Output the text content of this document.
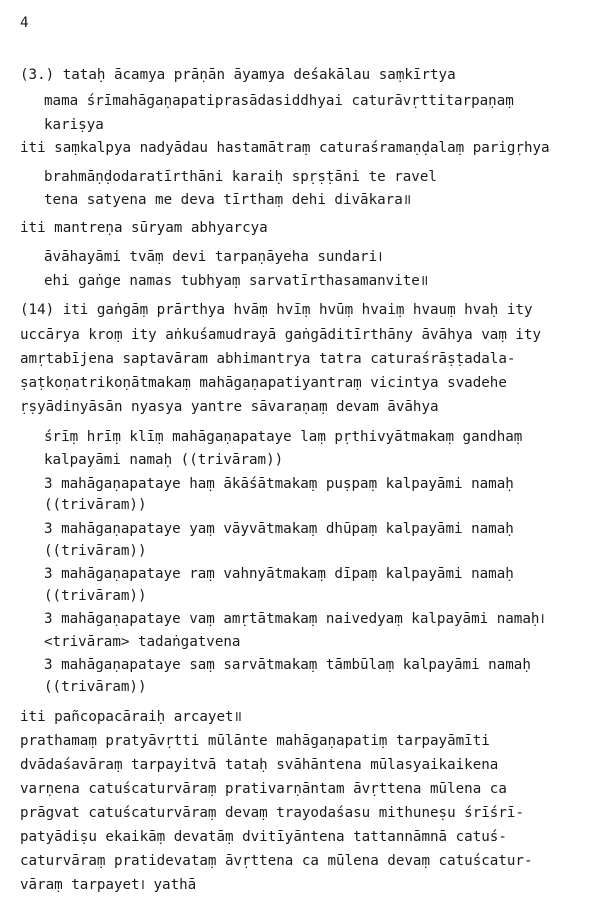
4
(3.) tataḥ ācamya prāṇān āyamya deśakālau saṃkīrtya
mama śrīmahāgaṇapatiprasādasiddhyai caturāvṛttitarpaṇaṃ
kariṣya
iti saṃkalpya nadyādau hastamātraṃ caturaśramaṇḍalaṃ parigṛhya
brahmāṇḍodaratīrthāni karaiḥ spṛṣṭāni te ravel
tena satyena me deva tīrthaṃ dehi divākara॥
iti mantreṇa sūryam abhyarcya
āvāhayāmi tvāṃ devi tarpaṇāyeha sundari।
ehi gaṅge namas tubhyaṃ sarvatīrthasamanvite॥
(14) iti gaṅgāṃ prārthya hvāṃ hvīṃ hvūṃ hvaiṃ hvauṃ hvaḥ ity
uccārya kroṃ ity aṅkuśamudrayā gaṅgāditīrthāny āvāhya vaṃ ity
amṛtabījena saptavāram abhimantrya tatra caturaśrāṣṭadala-
ṣaṭkoṇatrikoṇātmakaṃ mahāgaṇapatiyantraṃ vicintya svadehe
ṛṣyādinyāsān nyasya yantre sāvaraṇaṃ devam āvāhya
śrīṃ hrīṃ klīṃ mahāgaṇapataye laṃ pṛthivyātmakaṃ gandhaṃ
kalpayāmi namaḥ ((trivāram))
3 mahāgaṇapataye haṃ ākāśātmakaṃ puṣpaṃ kalpayāmi namaḥ
((trivāram))
3 mahāgaṇapataye yaṃ vāyvātmakaṃ dhūpaṃ kalpayāmi namaḥ
((trivāram))
3 mahāgaṇapataye raṃ vahnyātmakaṃ dīpaṃ kalpayāmi namaḥ
((trivāram))
3 mahāgaṇapataye vaṃ amṛtātmakaṃ naivedyaṃ kalpayāmi namaḥ।
<trivāram> tadaṅgatvena
3 mahāgaṇapataye saṃ sarvātmakaṃ tāmbūlaṃ kalpayāmi namaḥ
((trivāram))
iti pañcopacāraiḥ arcayet॥
prathamaṃ pratyāvṛtti mūlānte mahāgaṇapatiṃ tarpayāmīti
dvādaśavāraṃ tarpayitvā tataḥ svāhāntena mūlasyaikaikena
varṇena catuścaturvāraṃ prativarṇāntam āvṛttena mūlena ca
prāgvat catuścaturvāraṃ devaṃ trayodaśasu mithuneṣu śrīśrī-
patyādiṣu ekaikāṃ devatāṃ dvitīyāntena tattannāmnā catuś-
caturvāraṃ pratidevataṃ āvṛttena ca mūlena devaṃ catuścatur-
vāraṃ tarpayet। yathā
